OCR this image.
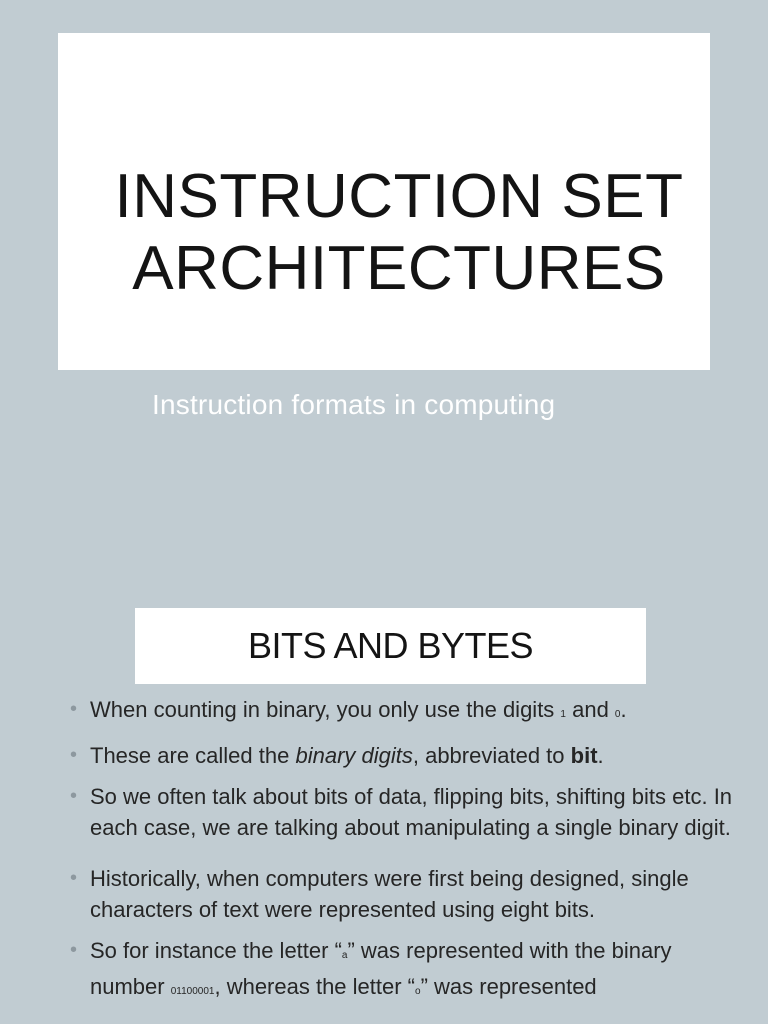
INSTRUCTION SET
ARCHITECTURES
Instruction formats in computing
BITS AND BYTES
• When counting in binary, you only use the digits 1 and 0.
• These are called the binary digits, abbreviated to bit.
• So we often talk about bits of data, flipping bits, shifting bits etc. In each case, we are talking about manipulating a single binary digit.
• Historically, when computers were first being designed, single characters of text were represented using eight bits.
• So for instance the letter “a” was represented with the binary number 01100001, whereas the letter “o” was represented
